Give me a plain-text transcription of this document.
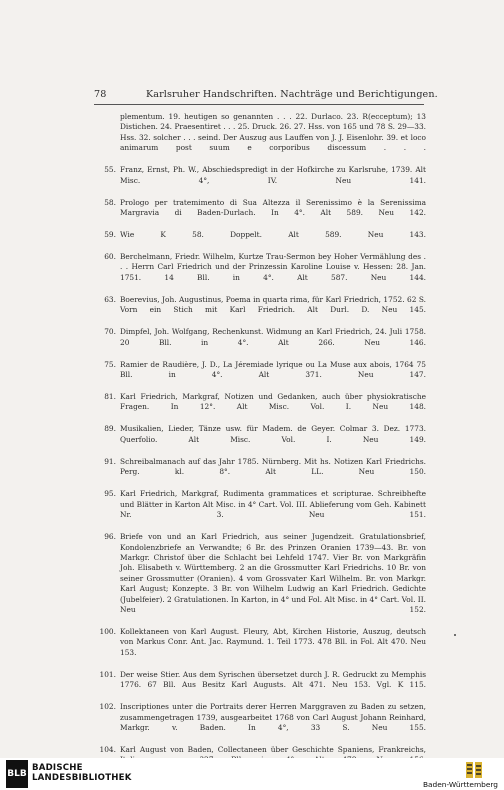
78	Karlsruher Handschriften. Nachträge und Berichtigungen.
plementum. 19. heutigen so genannten . . . 22. Durlaco. 23. R(ecceptum); 13 Distichen. 24. Praesentiret . . . 25. Druck. 26. 27. Hss. von 165 und 78 S. 29—33. Hss. 32. solcher . . . seind. Der Auszug aus Lauffen von J. J. Eisenlohr. 39. et loco animarum post suum e corporibus discessum . . .
55. Franz, Ernst, Ph. W., Abschiedspredigt in der Hofkirche zu Karlsruhe, 1739. Alt Misc. 4°, IV. Neu 141.
58. Prologo per tratemimento di Sua Altezza il Serenissimo è la Serenissima Margravia di Baden-Durlach. In 4°. Alt 589. Neu 142.
59. Wie K 58. Doppelt. Alt 589. Neu 143.
60. Berchelmann, Friedr. Wilhelm, Kurtze Trau-Sermon bey Hoher Vermählung des . . . Herrn Carl Friedrich und der Prinzessin Karoline Louise v. Hessen: 28. Jan. 1751. 14 Bll. in 4°. Alt 587. Neu 144.
63. Boerevius, Joh. Augustinus, Poema in quarta rima, für Karl Friedrich, 1752. 62 S. Vorn ein Stich mit Karl Friedrich. Alt Durl. D. Neu 145.
70. Dimpfel, Joh. Wolfgang, Rechenkunst. Widmung an Karl Friedrich, 24. Juli 1758. 20 Bll. in 4°. Alt 266. Neu 146.
75. Ramier de Raudière, J. D., La Jéremiade lyrique ou La Muse aux abois, 1764 75 Bll. in 4°. Alt 371. Neu 147.
81. Karl Friedrich, Markgraf, Notizen und Gedanken, auch über physiokratische Fragen. In 12°. Alt Misc. Vol. I. Neu 148.
89. Musikalien, Lieder, Tänze usw. für Madem. de Geyer. Colmar 3. Dez. 1773. Querfolio. Alt Misc. Vol. I. Neu 149.
91. Schreibalmanach auf das Jahr 1785. Nürnberg. Mit hs. Notizen Karl Friedrichs. Perg. kl. 8°. Alt LL. Neu 150.
95. Karl Friedrich, Markgraf, Rudimenta grammatices et scripturae. Schreibhefte und Blätter in Karton Alt Misc. in 4° Cart. Vol. III. Ablieferung vom Geh. Kabinett Nr. 3. Neu 151.
96. Briefe von und an Karl Friedrich, aus seiner Jugendzeit. Gratulationsbrief, Kondolenzbriefe an Verwandte; 6 Br. des Prinzen Oranien 1739—43. Br. von Markgr. Christof über die Schlacht bei Lehfeld 1747. Vier Br. von Markgräfin Joh. Elisabeth v. Württemberg. 2 an die Grossmutter Karl Friedrichs. 10 Br. von seiner Grossmutter (Oranien). 4 vom Grossvater Karl Wilhelm. Br. von Markgr. Karl August; Konzepte. 3 Br. von Wilhelm Ludwig an Karl Friedrich. Gedichte (Jubelfeier). 2 Gratulationen. In Karton, in 4° und Fol. Alt Misc. in 4° Cart. Vol. II. Neu 152.
100. Kollektaneen von Karl August. Fleury, Abt, Kirchen Historie, Auszug, deutsch von Markus Conr. Ant. Jac. Raymund. 1. Teil 1773. 478 Bll. in Fol. Alt 470. Neu 153.
101. Der weise Stier. Aus dem Syrischen übersetzet durch J. R. Gedruckt zu Memphis 1776. 67 Bll. Aus Besitz Karl Augusts. Alt 471. Neu 153. Vgl. K 115.
102. Inscriptiones unter die Portraits derer Herren Marggraven zu Baden zu setzen, zusammengetragen 1739, ausgearbeitet 1768 von Carl August Johann Reinhard, Markgr. v. Baden. In 4°, 33 S. Neu 155.
104. Karl August von Baden, Collectaneen über Geschichte Spaniens, Frankreichs,
BLB
BADISCHE
LANDESBIBLIOTHEK
Baden-Württemberg
